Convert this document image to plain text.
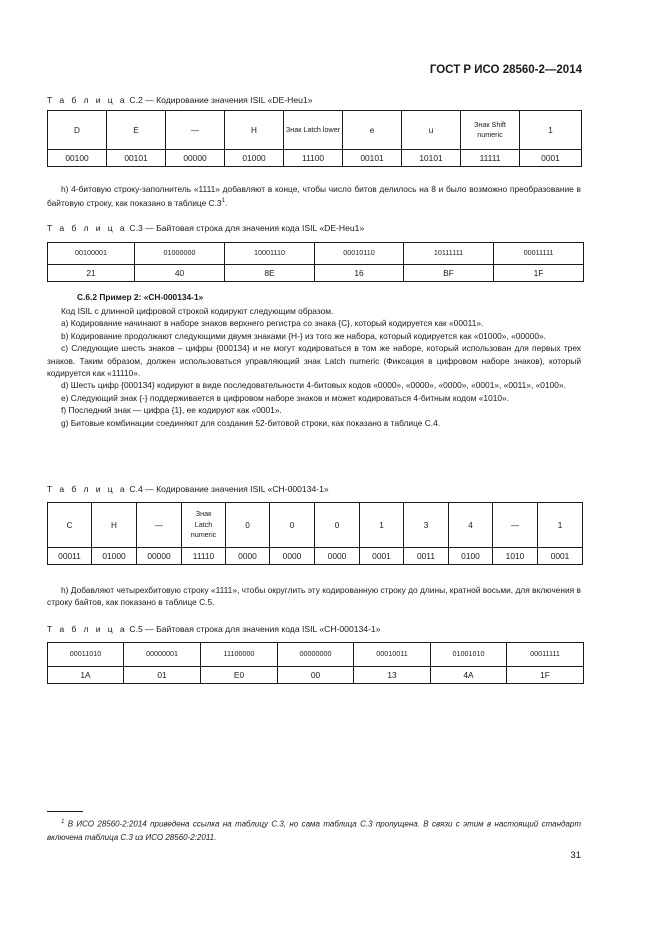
ГОСТ Р ИСО 28560-2—2014
Т а б л и ц а С.2 — Кодирование значения ISIL «DE-Heu1»
D	E	—	H	Знак Latch lower	e	u	Знак Shift numeric	1
00100	00101	00000	01000	11100	00101	10101	11111	0001
h) 4-битовую строку-заполнитель «1111» добавляют в конце, чтобы число битов делилось на 8 и было возможно преобразование в байтовую строку, как показано в таблице $С.3^1$.
Т а б л и ц а С.3 — Байтовая строка для значения кода ISIL «DE-Heu1»
00100001	01000000	10001110	00010110	10111111	00011111
21	40	8E	16	BF	1F
С.6.2 Пример 2: «CH-000134-1»
Код ISIL с длинной цифровой строкой кодируют следующим образом.
a) Кодирование начинают в наборе знаков верхнего регистра со знака {C}, который кодируется как «00011».
b) Кодирование продолжают следующими двумя знаками {H-} из того же набора, который кодируется как «01000», «00000».
c) Следующие шесть знаков – цифры {000134} и не могут кодироваться в том же наборе, который использован для первых трех знаков. Таким образом, должен использоваться управляющий знак Latch numeric (Фиксация в цифровом наборе знаков), который кодируется как «11110».
d) Шесть цифр {000134} кодируют в виде последовательности 4-битовых кодов «0000», «0000», «0000», «0001», «0011», «0100».
e) Следующий знак {-} поддерживается в цифровом наборе знаков и может кодироваться 4-битным кодом «1010».
f) Последний знак — цифра {1}, ее кодируют как «0001».
g) Битовые комбинации соединяют для создания 52-битовой строки, как показано в таблице С.4.
Т а б л и ц а С.4 — Кодирование значения ISIL «CH-000134-1»
C	H	—	Знак Latch numeric	0	0	0	1	3	4	—	1
00011	01000	00000	11110	0000	0000	0000	0001	0011	0100	1010	0001
h) Добавляют четырехбитовую строку «1111», чтобы округлить эту кодированную строку до длины, кратной восьми, для включения в строку байтов, как показано в таблице С.5.
Т а б л и ц а С.5 — Байтовая строка для значения кода ISIL «CH-000134-1»
00011010	00000001	11100000	00000000	00010011	01001010	00011111
1A	01	E0	00	13	4A	1F
$^1$ В ИСО 28560-2:2014 приведена ссылка на таблицу С.3, но сама таблица С.3 пропущена. В связи с этим в настоящий стандарт включена таблица С.3 из ИСО 28560-2:2011.
31
